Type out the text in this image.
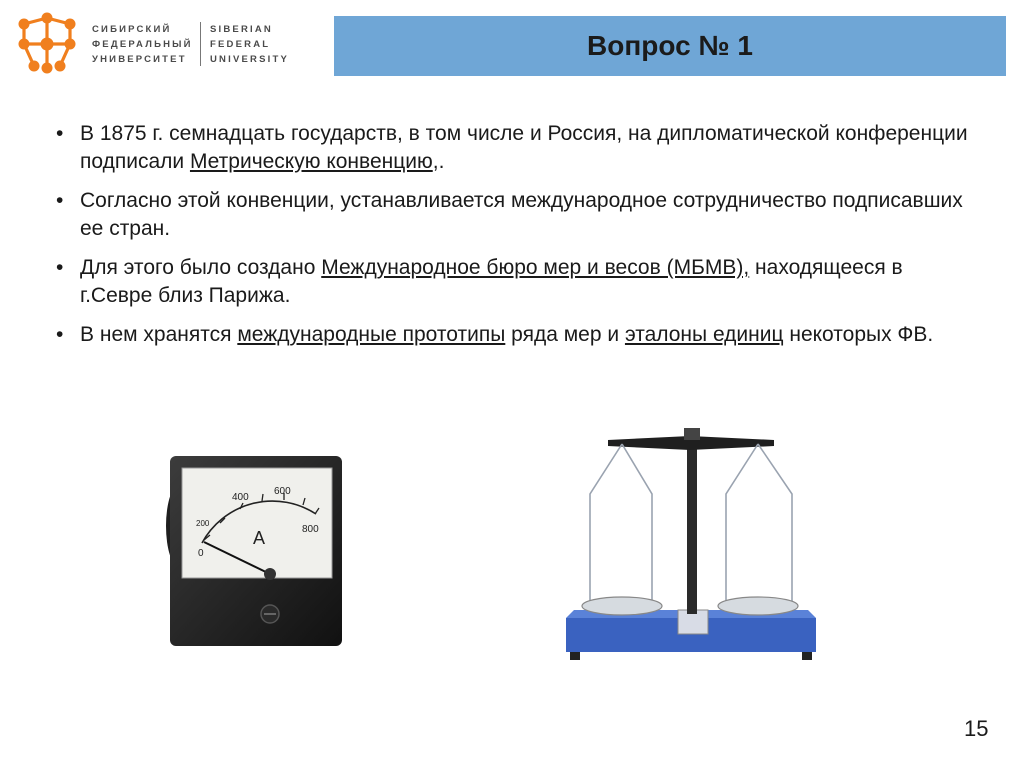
СИБИРСКИЙ
ФЕДЕРАЛЬНЫЙ
УНИВЕРСИТЕТ
SIBERIAN
FEDERAL
UNIVERSITY	Вопрос № 1
• В 1875 г. семнадцать государств, в том числе и Россия, на дипломатической конференции подписали Метрическую конвенцию,.
• Согласно этой конвенции, устанавливается международное сотрудничество подписавших ее стран.
• Для этого было создано Международное бюро мер и весов (МБМВ), находящееся в г.Севре близ Парижа.
• В нем хранятся международные прототипы ряда мер и эталоны единиц некоторых ФВ.
0
200
400
600
800
A
15
